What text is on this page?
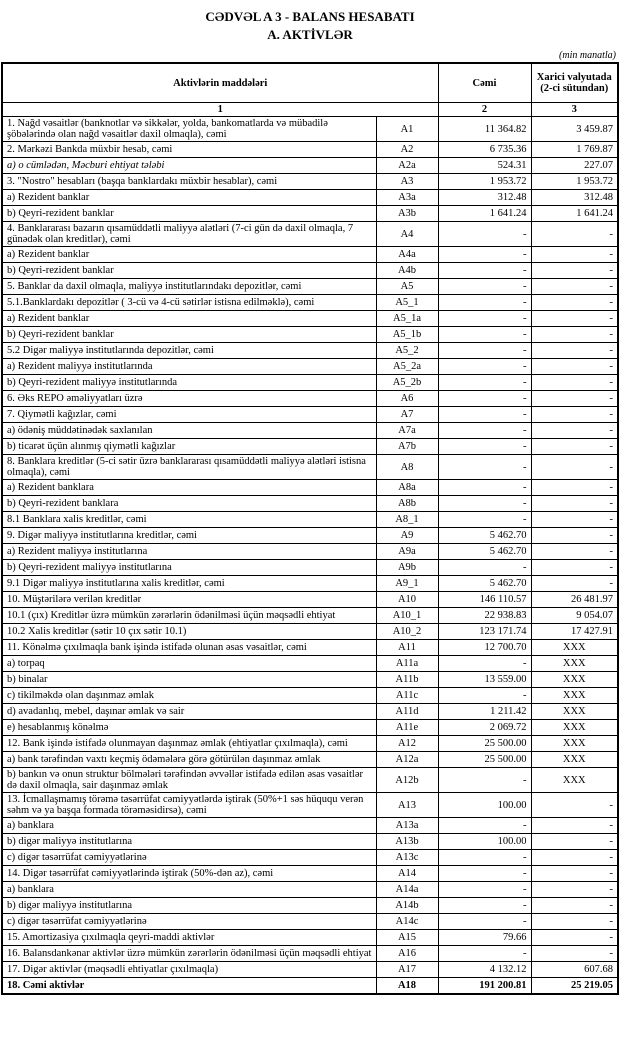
CƏDVƏL A 3 - BALANS HESABATI
A. AKTİVLƏR
(min manatla)
Aktivlərin maddələri		Cəmi	Xarici valyutada (2-ci sütundan)
1		2	3
1. Nağd vəsaitlər (banknotlar və sikkələr, yolda, bankomatlarda və mübadilə şöbələrində olan nağd vəsaitlər daxil olmaqla), cəmi	A1	11 364.82	3 459.87
2. Mərkəzi Bankda müxbir hesab, cəmi	A2	6 735.36	1 769.87
a) o cümlədən, Məcburi ehtiyat tələbi	A2a	524.31	227.07
3. "Nostro" hesabları (başqa banklardakı müxbir hesablar), cəmi	A3	1 953.72	1 953.72
a) Rezident banklar	A3a	312.48	312.48
b) Qeyri-rezident banklar	A3b	1 641.24	1 641.24
4. Banklararası bazarın qısamüddətli maliyyə alətləri (7-ci gün də daxil olmaqla, 7 günədək olan kreditlər), cəmi	A4	-	-
a) Rezident banklar	A4a	-	-
b) Qeyri-rezident banklar	A4b	-	-
5. Banklar da daxil olmaqla, maliyyə institutlarındakı depozitlər, cəmi	A5	-	-
5.1.Banklardakı depozitlər ( 3-cü və 4-cü sətirlər istisna edilməklə), cəmi	A5_1	-	-
a) Rezident banklar	A5_1a	-	-
b) Qeyri-rezident banklar	A5_1b	-	-
5.2 Digər maliyyə institutlarında depozitlər, cəmi	A5_2	-	-
a) Rezident maliyyə institutlarında	A5_2a	-	-
b) Qeyri-rezident maliyyə institutlarında	A5_2b	-	-
6. Əks REPO əməliyyatları üzrə	A6	-	-
7. Qiymətli kağızlar, cəmi	A7	-	-
a) ödəniş müddətinədək saxlanılan	A7a	-	-
b) ticarət üçün alınmış qiymətli kağızlar	A7b	-	-
8. Banklara kreditlər (5-ci sətir üzrə banklararası qısamüddətli maliyyə alətləri istisna olmaqla), cəmi	A8	-	-
a) Rezident banklara	A8a	-	-
b) Qeyri-rezident banklara	A8b	-	-
8.1 Banklara xalis kreditlər, cəmi	A8_1	-	-
9. Digər maliyyə institutlarına kreditlər, cəmi	A9	5 462.70	-
a) Rezident maliyyə institutlarına	A9a	5 462.70	-
b) Qeyri-rezident maliyyə institutlarına	A9b	-	-
9.1 Digər maliyyə institutlarına xalis kreditlər, cəmi	A9_1	5 462.70	-
10. Müştərilərə verilən kreditlər	A10	146 110.57	26 481.97
10.1 (çıx) Kreditlər üzrə mümkün zərərlərin ödənilməsi üçün məqsədli ehtiyat	A10_1	22 938.83	9 054.07
10.2 Xalis kreditlər (sətir 10 çıx sətir 10.1)	A10_2	123 171.74	17 427.91
11. Könəlmə çıxılmaqla bank işində istifadə olunan əsas vəsaitlər, cəmi	A11	12 700.70	XXX
a) torpaq	A11a	-	XXX
b) binalar	A11b	13 559.00	XXX
c) tikilməkdə olan daşınmaz əmlak	A11c	-	XXX
d) avadanlıq, mebel, daşınar əmlak və sair	A11d	1 211.42	XXX
e) hesablanmış könəlmə	A11e	2 069.72	XXX
12. Bank işində istifadə olunmayan daşınmaz əmlak (ehtiyatlar çıxılmaqla), cəmi	A12	25 500.00	XXX
a) bank tərəfindən vaxtı keçmiş ödəmələrə görə götürülən daşınmaz əmlak	A12a	25 500.00	XXX
b) bankın və onun struktur bölmələri tərəfindən əvvəllər istifadə edilən əsas vəsaitlər də daxil olmaqla, sair daşınmaz əmlak	A12b	-	XXX
13. İcmallaşmamış törəmə təsərrüfat cəmiyyətlərdə iştirak (50%+1 səs hüququ verən səhm və ya başqa formada törəməsidirsə), cəmi	A13	100.00	-
a) banklara	A13a	-	-
b) digər maliyyə institutlarına	A13b	100.00	-
c) digər təsərrüfat cəmiyyətlərinə	A13c	-	-
14. Digər təsərrüfat cəmiyyətlərində iştirak (50%-dən az), cəmi	A14	-	-
a) banklara	A14a	-	-
b) digər maliyyə institutlarına	A14b	-	-
c) digər təsərrüfat cəmiyyətlərinə	A14c	-	-
15. Amortizasiya çıxılmaqla qeyri-maddi aktivlər	A15	79.66	-
16. Balansdankənar aktivlər üzrə mümkün zərərlərin ödənilməsi üçün məqsədli ehtiyat	A16	-	-
17. Digər aktivlər (məqsədli ehtiyatlar çıxılmaqla)	A17	4 132.12	607.68
18. Cəmi aktivlər	A18	191 200.81	25 219.05
